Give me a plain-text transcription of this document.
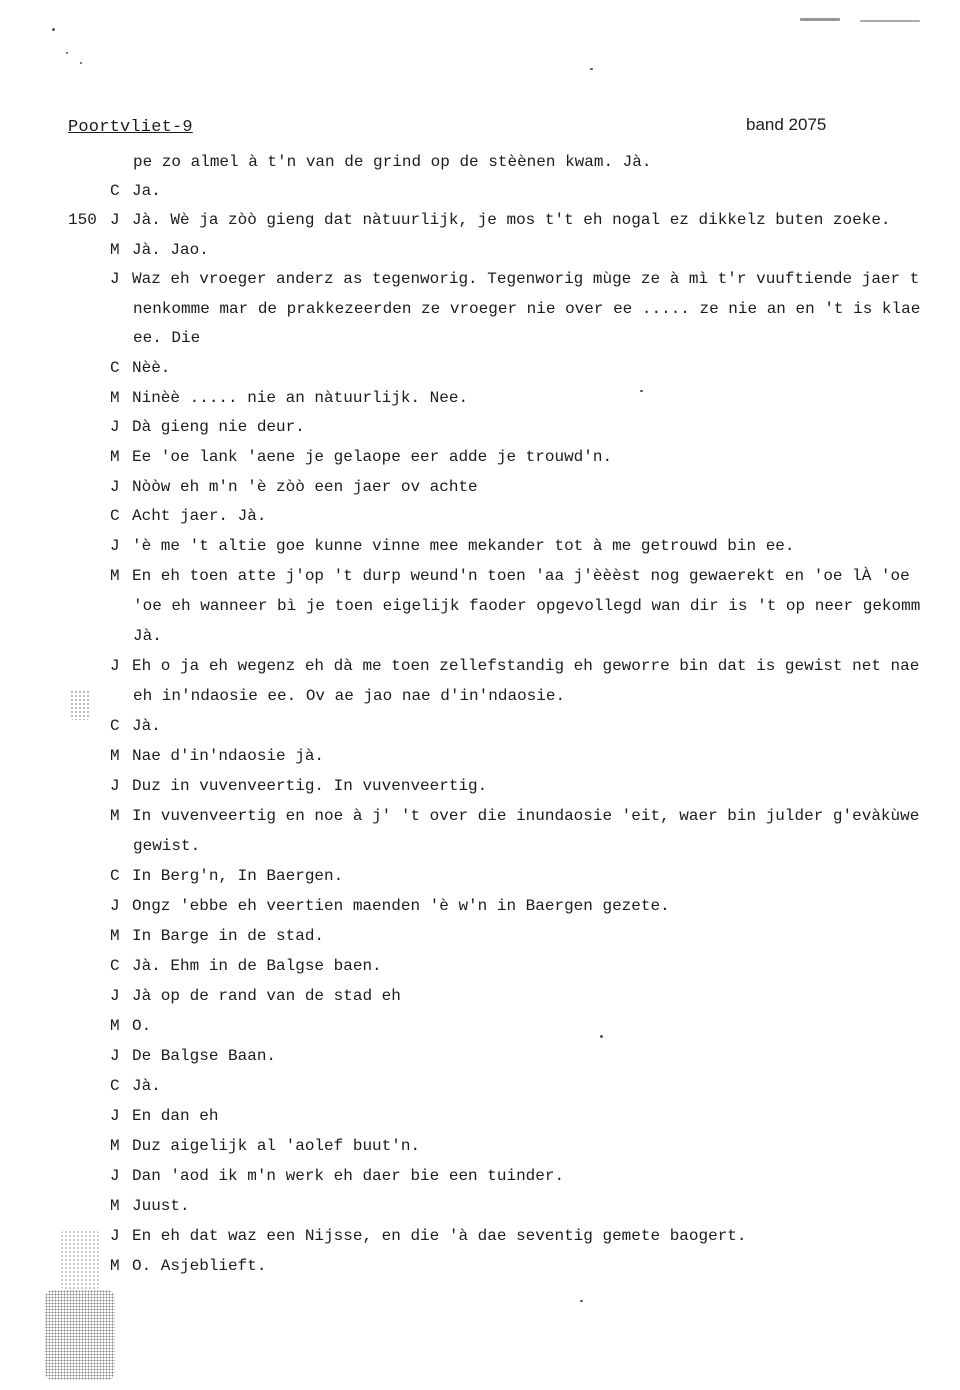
Poortvliet-9	band 2075
pe zo almel à t'n van de grind op de stèènen kwam. Jà.
C Ja.
150 J Jà. Wè ja zòò gieng dat nàtuurlijk, je mos t't eh nogal ez dikkelz buten zoeke.
M Jà. Jao.
J Waz eh vroeger anderz as tegenworig. Tegenworig mùge ze à mì t'r vuuftiende jaer t
nenkomme mar de prakkezeerden ze vroeger nie over ee ..... ze nie an en 't is klae
ee. Die
C Nèè.
M Ninèè ..... nie an nàtuurlijk. Nee.
J Dà gieng nie deur.
M Ee 'oe lank 'aene je gelaope eer adde je trouwd'n.
J Nòòw eh m'n 'è zòò een jaer ov achte
C Acht jaer. Jà.
J 'è me 't altie goe kunne vinne mee mekander tot à me getrouwd bin ee.
M En eh toen atte j'op 't durp weund'n toen 'aa j'èèèst nog gewaerekt en 'oe lÀ 'oe
'oe eh wanneer bì je toen eigelijk faoder opgevollegd wan dir is 't op neer gekomm
Jà.
J Eh o ja eh wegenz eh dà me toen zellefstandig eh geworre bin dat is gewist net nae
eh in'ndaosie ee. Ov ae jao nae d'in'ndaosie.
C Jà.
M Nae d'in'ndaosie jà.
J Duz in vuvenveertig. In vuvenveertig.
M In vuvenveertig en noe à j' 't over die inundaosie 'eit, waer bin julder g'evàkùwe
gewist.
C In Berg'n, In Baergen.
J Ongz 'ebbe eh veertien maenden 'è w'n in Baergen gezete.
M In Barge in de stad.
C Jà. Ehm in de Balgse baen.
J Jà op de rand van de stad eh
M O.
J De Balgse Baan.
C Jà.
J En dan eh
M Duz aigelijk al 'aolef buut'n.
J Dan 'aod ik m'n werk eh daer bie een tuinder.
M Juust.
J En eh dat waz een Nijsse, en die 'à dae seventig gemete baogert.
M O. Asjeblieft.
